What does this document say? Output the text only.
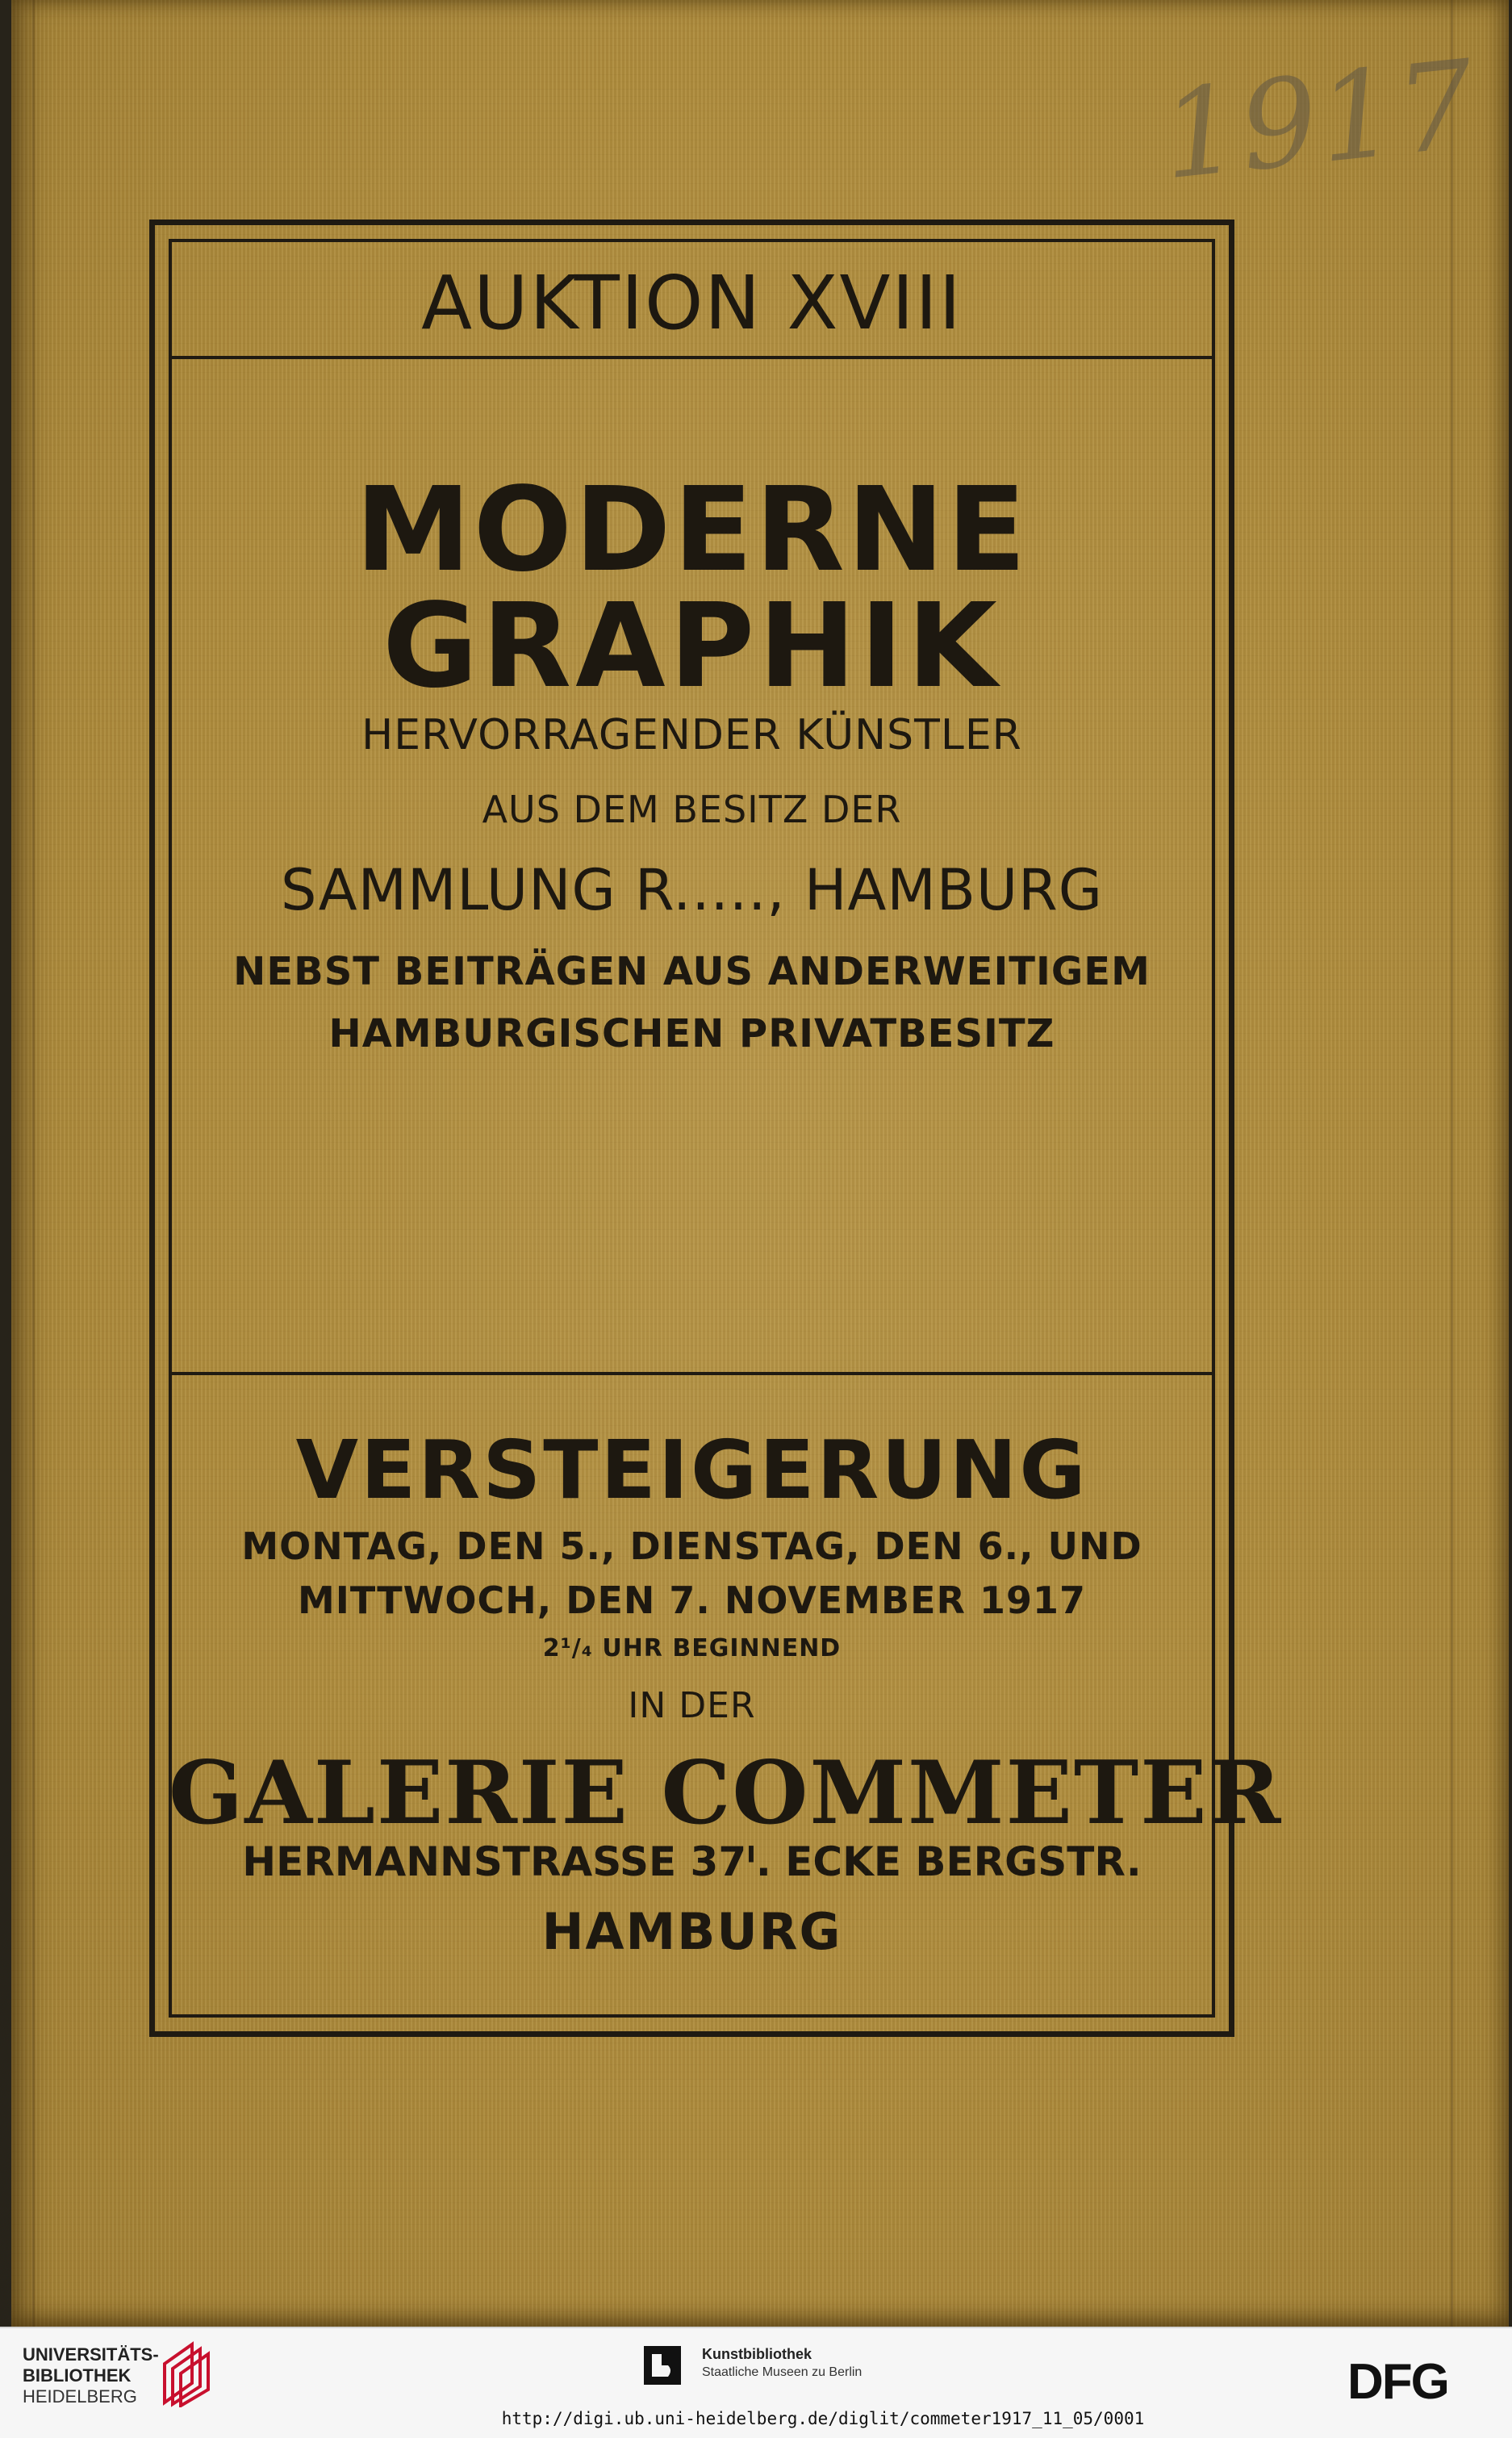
1917
AUKTION XVIII
MODERNE
GRAPHIK
HERVORRAGENDER KÜNSTLER
AUS DEM BESITZ DER
SAMMLUNG R....., HAMBURG
NEBST BEITRÄGEN AUS ANDERWEITIGEM
HAMBURGISCHEN PRIVATBESITZ
VERSTEIGERUNG
MONTAG, DEN 5., DIENSTAG, DEN 6., UND
MITTWOCH, DEN 7. NOVEMBER 1917
2¹/₄ UHR BEGINNEND
IN DER
GALERIE COMMETER
HERMANNSTRASSE 37ᴵ. ECKE BERGSTR.
HAMBURG
UNIVERSITÄTS-
BIBLIOTHEK
HEIDELBERG
Kunstbibliothek
Staatliche Museen zu Berlin	DFG
http://digi.ub.uni-heidelberg.de/diglit/commeter1917_11_05/0001
